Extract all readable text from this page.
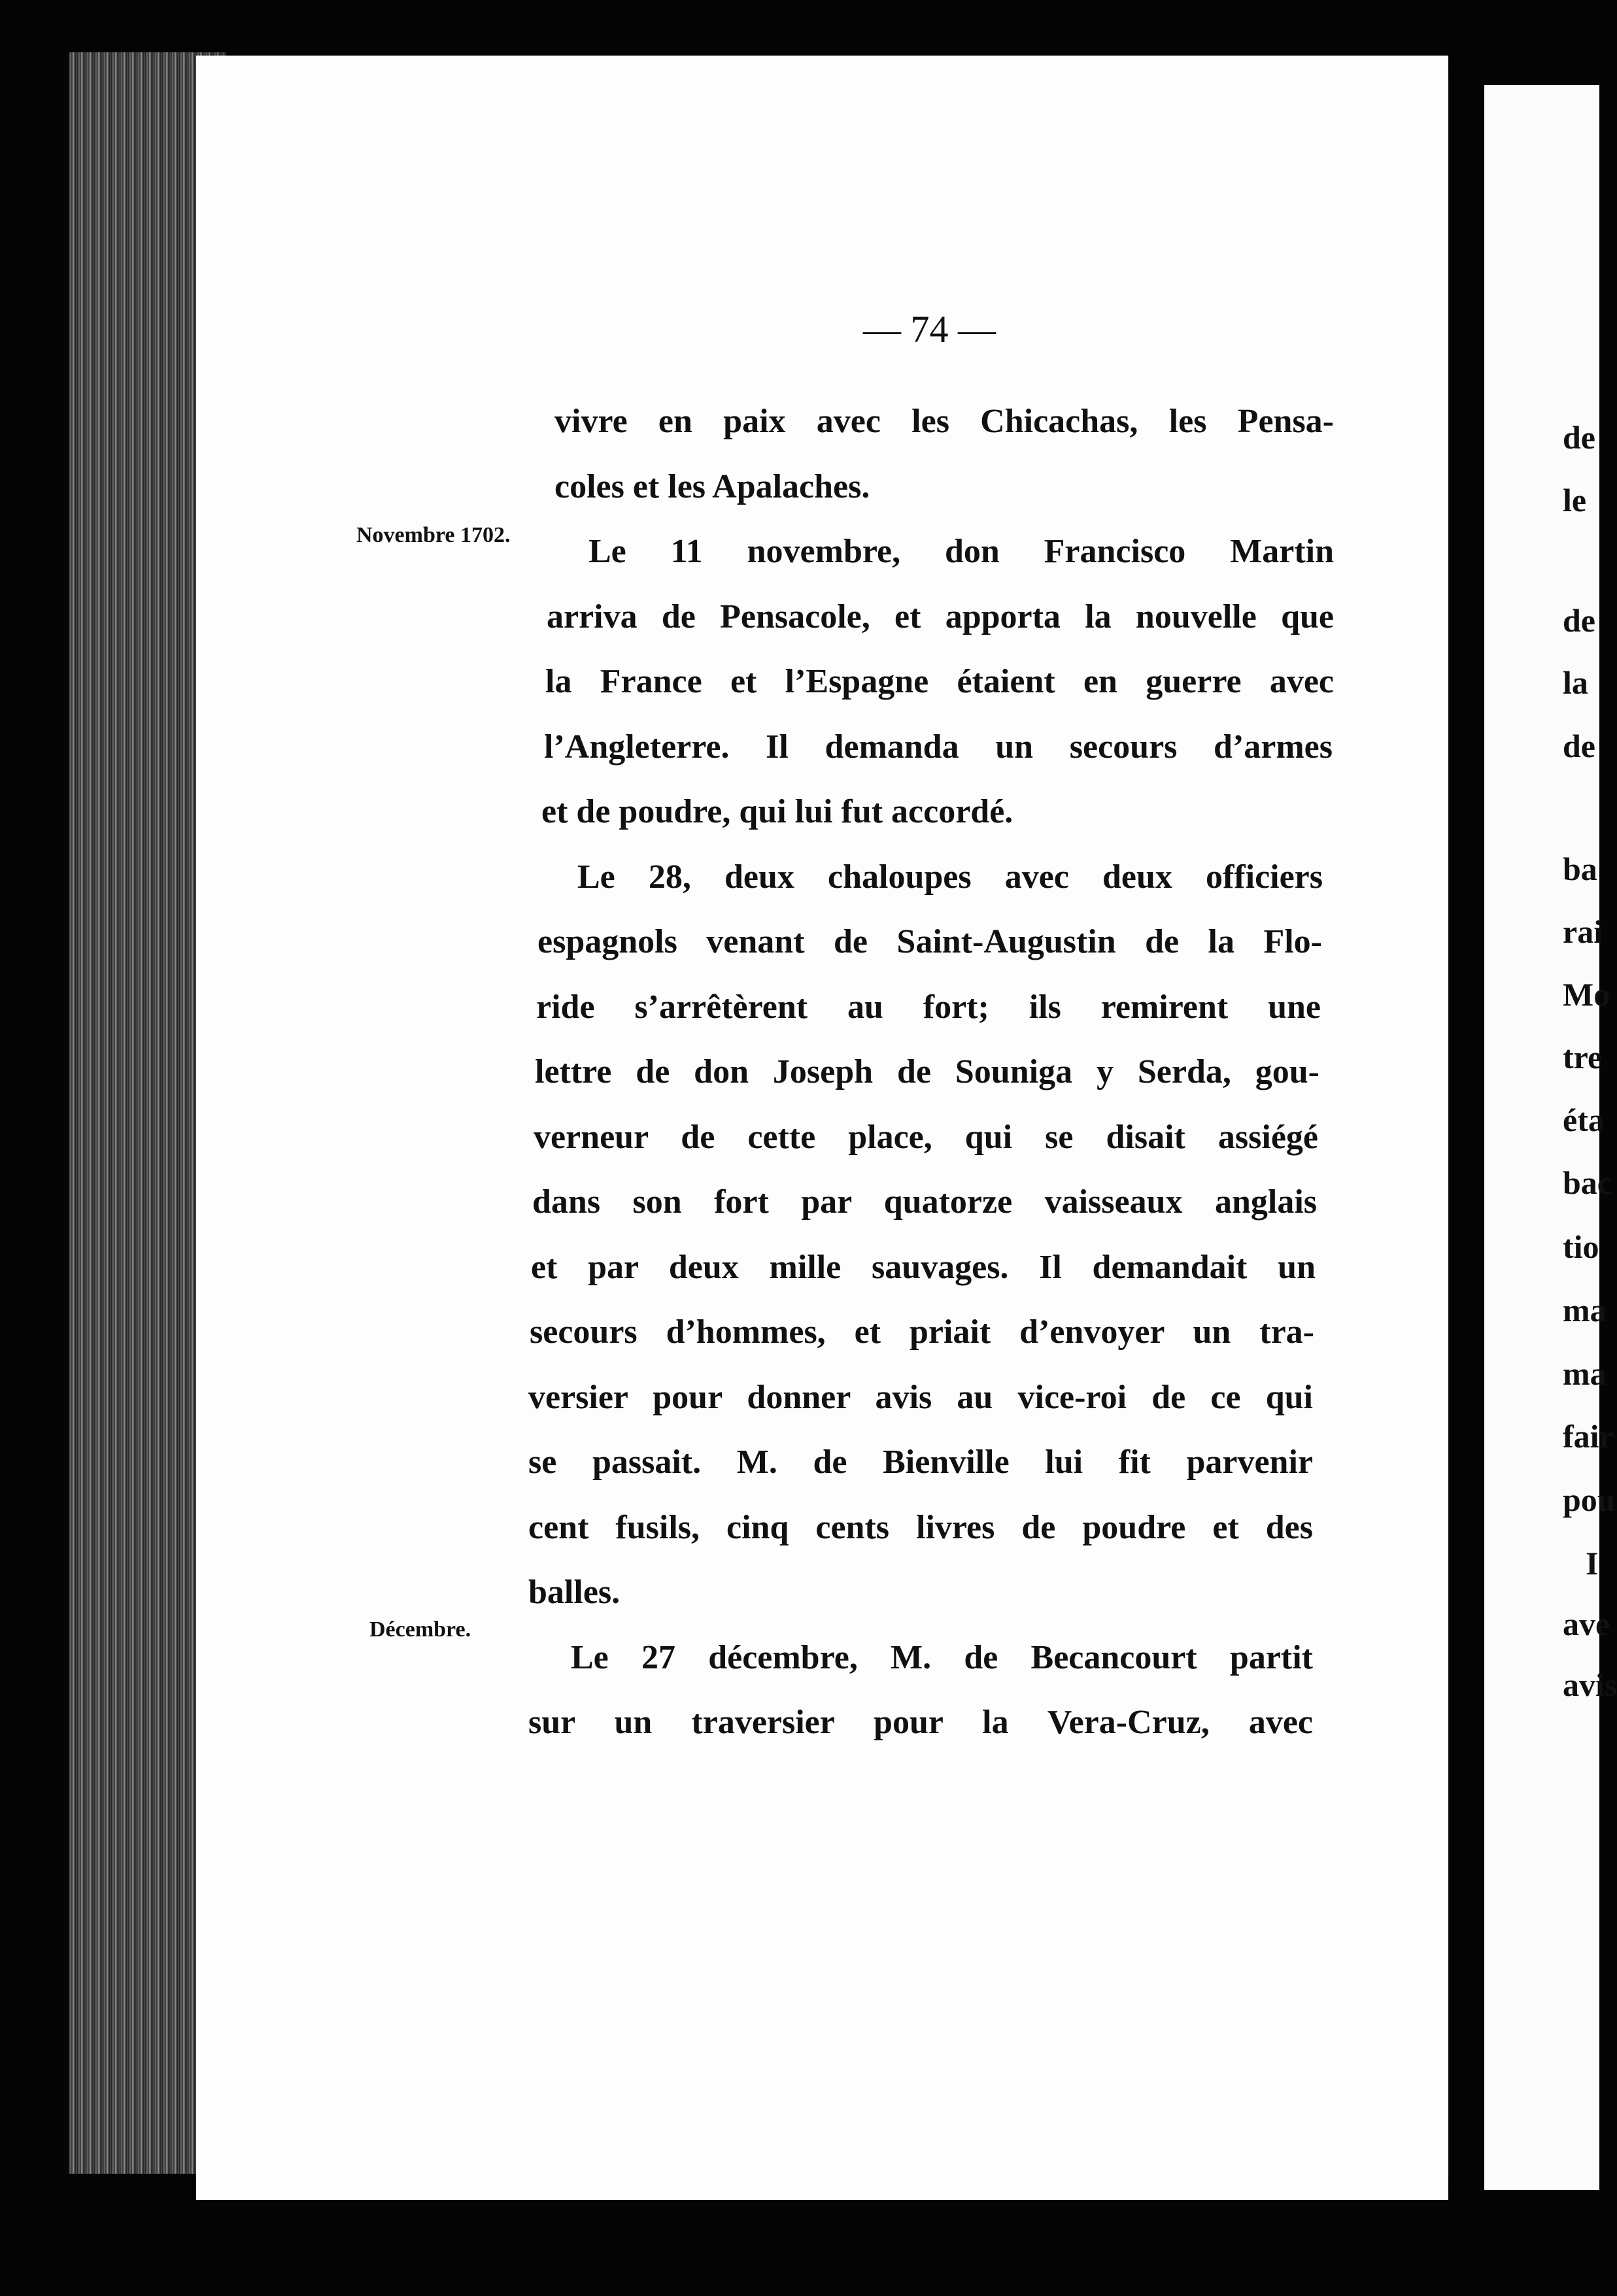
de
le
de
la
de
ba
rai
Mo
tre
éta
bac
tio
ma
ma
fair
pou
I
ave
avis
— 74 —
Novembre 1702.
Décembre.
vivre en paix avec les Chicachas, les Pensa-
coles et les Apalaches.
Le 11 novembre, don Francisco Martin
arriva de Pensacole, et apporta la nouvelle que
la France et l’Espagne étaient en guerre avec
l’Angleterre. Il demanda un secours d’armes
et de poudre, qui lui fut accordé.
Le 28, deux chaloupes avec deux officiers
espagnols venant de Saint-Augustin de la Flo-
ride s’arrêtèrent au fort; ils remirent une
lettre de don Joseph de Souniga y Serda, gou-
verneur de cette place, qui se disait assiégé
dans son fort par quatorze vaisseaux anglais
et par deux mille sauvages. Il demandait un
secours d’hommes, et priait d’envoyer un tra-
versier pour donner avis au vice-roi de ce qui
se passait. M. de Bienville lui fit parvenir
cent fusils, cinq cents livres de poudre et des
balles.
Le 27 décembre, M. de Becancourt partit
sur un traversier pour la Vera-Cruz, avec
